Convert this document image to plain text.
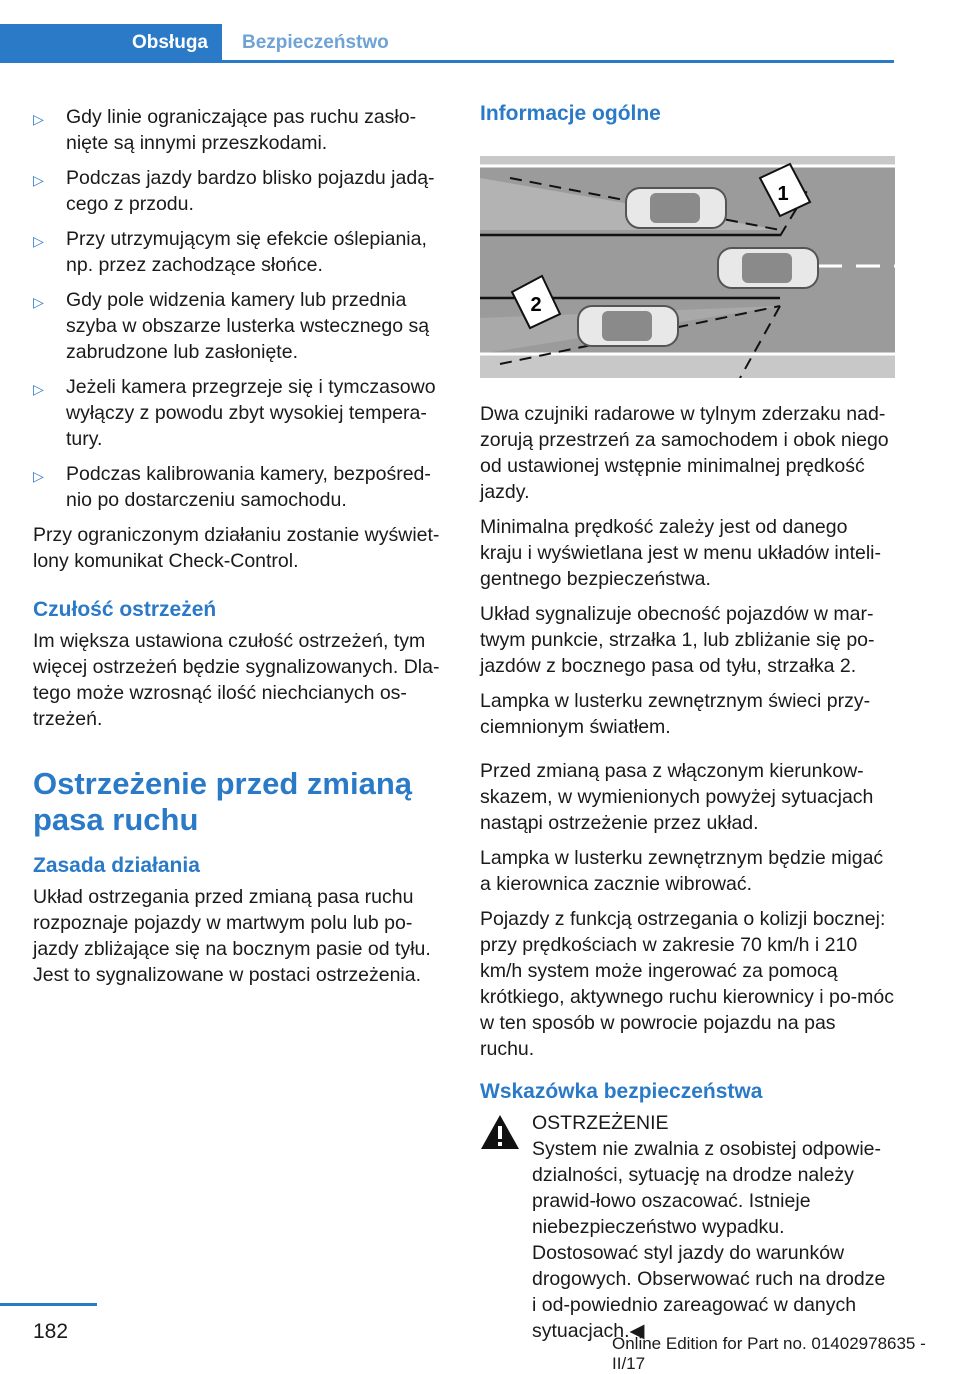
Obsługa	Bezpieczeństwo
▷	Gdy linie ograniczające pas ruchu zasło-nięte są innymi przeszkodami.
▷	Podczas jazdy bardzo blisko pojazdu jadą-cego z przodu.
▷	Przy utrzymującym się efekcie oślepiania, np. przez zachodzące słońce.
▷	Gdy pole widzenia kamery lub przednia szyba w obszarze lusterka wstecznego są zabrudzone lub zasłonięte.
▷	Jeżeli kamera przegrzeje się i tymczasowo wyłączy z powodu zbyt wysokiej tempera-tury.
▷	Podczas kalibrowania kamery, bezpośred-nio po dostarczeniu samochodu.

Przy ograniczonym działaniu zostanie wyświet-lony komunikat Check-Control.

Czułość ostrzeżeń

Im większa ustawiona czułość ostrzeżeń, tym więcej ostrzeżeń będzie sygnalizowanych. Dla-tego może wzrosnąć ilość niechcianych os-trzeżeń.

Ostrzeżenie przed zmianą pasa ruchu
Zasada działania

Układ ostrzegania przed zmianą pasa ruchu rozpoznaje pojazdy w martwym polu lub po-jazdy zbliżające się na bocznym pasie od tyłu. Jest to sygnalizowane w postaci ostrzeżenia.

Informacje ogólne
1
2

Dwa czujniki radarowe w tylnym zderzaku nad-zorują przestrzeń za samochodem i obok niego od ustawionej wstępnie minimalnej prędkość jazdy.

Minimalna prędkość zależy jest od danego kraju i wyświetlana jest w menu układów inteli-gentnego bezpieczeństwa.

Układ sygnalizuje obecność pojazdów w mar-twym punkcie, strzałka 1, lub zbliżanie się po-jazdów z bocznego pasa od tyłu, strzałka 2.

Lampka w lusterku zewnętrznym świeci przy-ciemnionym światłem.

Przed zmianą pasa z włączonym kierunkow-skazem, w wymienionych powyżej sytuacjach nastąpi ostrzeżenie przez układ.

Lampka w lusterku zewnętrznym będzie migać a kierownica zacznie wibrować.

Pojazdy z funkcją ostrzegania o kolizji bocznej: przy prędkościach w zakresie 70 km/h i 210 km/h system może ingerować za pomocą krótkiego, aktywnego ruchu kierownicy i po-móc w ten sposób w powrocie pojazdu na pas ruchu.

Wskazówka bezpieczeństwa
OSTRZEŻENIE
System nie zwalnia z osobistej odpowie-dzialności, sytuację na drodze należy prawid-łowo oszacować. Istnieje niebezpieczeństwo wypadku. Dostosować styl jazdy do warunków drogowych. Obserwować ruch na drodze i od-powiednio zareagować w danych sytuacjach.◀
182
Online Edition for Part no. 01402978635 - II/17
